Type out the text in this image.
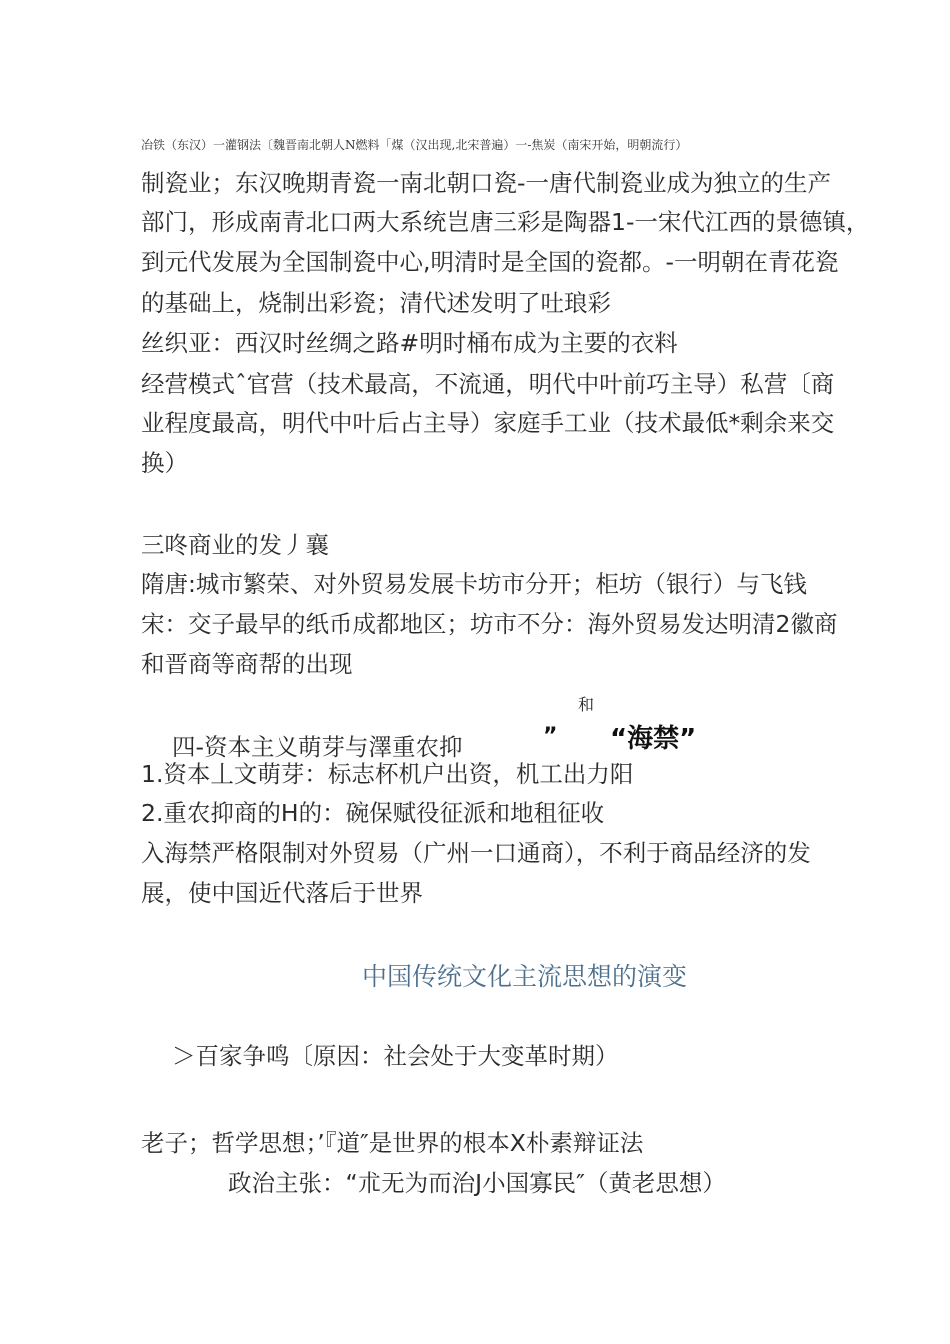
冶铁（东汉）一灌钢法〔魏晋南北朝人N燃料「煤（汉出现,北宋普遍）一-焦炭（南宋开始，明朝流行）
制瓷业；东汉晚期青瓷一南北朝口瓷-一唐代制瓷业成为独立的生产
部门，形成南青北口两大系统岂唐三彩是陶器1-一宋代江西的景德镇，
到元代发展为全国制瓷中心,明清时是全国的瓷都。-一明朝在青花瓷
的基础上，烧制出彩瓷；清代述发明了吐琅彩
丝织亚：西汉时丝绸之路#明时桶布成为主要的衣料
经营模式ˆ官营（技术最高，不流通，明代中叶前巧主导）私营〔商
业程度最高，明代中叶后占主导）家庭手工业（技术最低*剩余来交
换）
三咚商业的发丿襄
隋唐:城市繁荣、对外贸易发展卡坊市分开；柜坊（银行）与飞钱
宋：交子最早的纸币成都地区；坊市不分：海外贸易发达明清2徽商
和晋商等商帮的出现
和
四-资本主义萌芽与澤重农抑	” “海禁”
1.资本丄文萌芽：标志杯机户出资，机工出力阳
2.重农抑商的H的：碗保赋役征派和地租征收
入海禁严格限制对外贸易（广州一口通商），不利于商品经济的发
展，使中国近代落后于世界
中国传统文化主流思想的演变
＞百家争鸣〔原因：社会处于大变革时期）
老子；哲学思想；’『道″是世界的根本X朴素辩证法
政治主张：“朮无为而治J小国寡民″（黄老思想）
